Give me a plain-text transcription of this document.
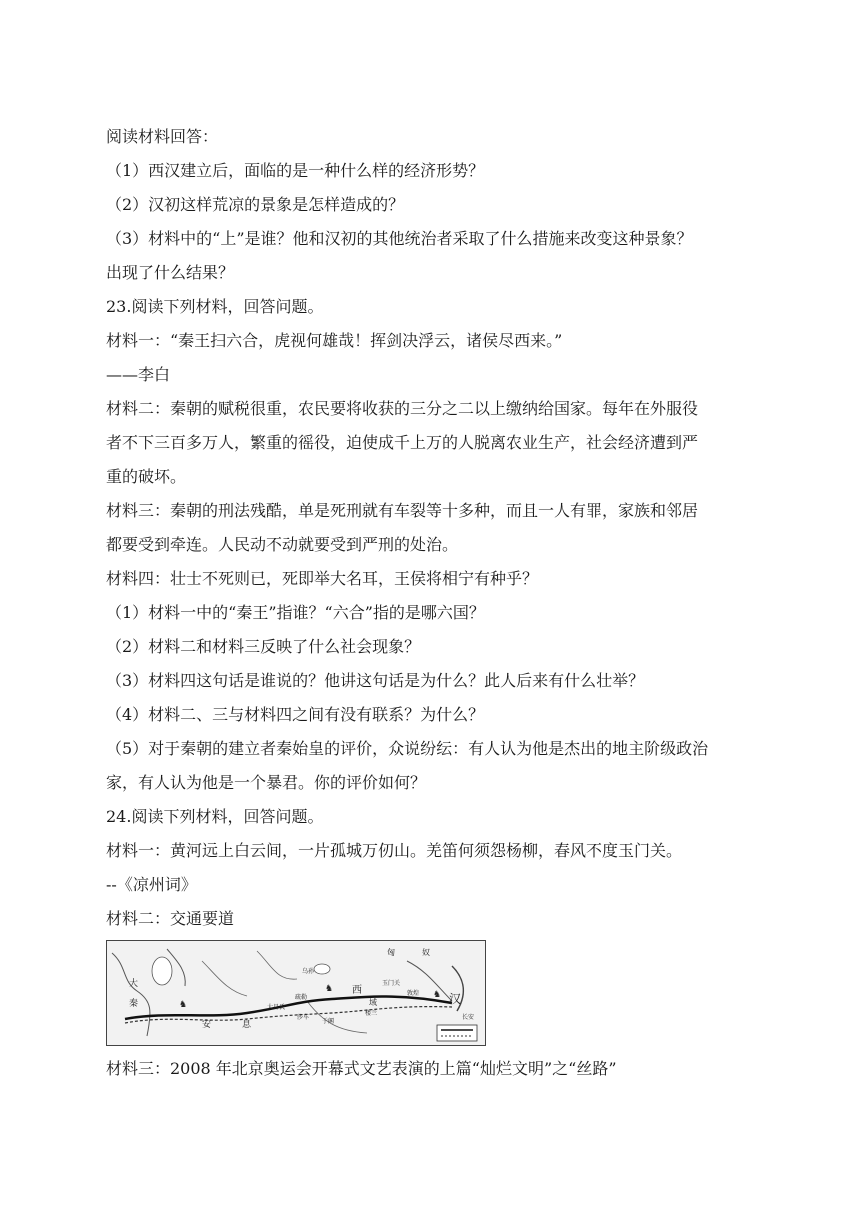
阅读材料回答：
（1）西汉建立后，面临的是一种什么样的经济形势？
（2）汉初这样荒凉的景象是怎样造成的？
（3）材料中的“上”是谁？他和汉初的其他统治者采取了什么措施来改变这种景象？
出现了什么结果？
23.阅读下列材料，回答问题。
材料一：“秦王扫六合，虎视何雄哉！挥剑决浮云，诸侯尽西来。”
——李白
材料二：秦朝的赋税很重，农民要将收获的三分之二以上缴纳给国家。每年在外服役
者不下三百多万人，繁重的徭役，迫使成千上万的人脱离农业生产，社会经济遭到严
重的破坏。
材料三：秦朝的刑法残酷，单是死刑就有车裂等十多种，而且一人有罪，家族和邻居
都要受到牵连。人民动不动就要受到严刑的处治。
材料四：壮士不死则已，死即举大名耳，王侯将相宁有种乎？
（1）材料一中的“秦王”指谁？“六合”指的是哪六国？
（2）材料二和材料三反映了什么社会现象？
（3）材料四这句话是谁说的？他讲这句话是为什么？此人后来有什么壮举？
（4）材料二、三与材料四之间有没有联系？为什么？
（5）对于秦朝的建立者秦始皇的评价，众说纷纭：有人认为他是杰出的地主阶级政治
家，有人认为他是一个暴君。你的评价如何？
24.阅读下列材料，回答问题。
材料一：黄河远上白云间，一片孤城万仞山。羌笛何须怨杨柳，春风不度玉门关。
--《凉州词》
材料二：交通要道
匈	奴
大
秦
安	息
大月氏
乌孙
西
域
玉门关
敦煌 汉
长安
于阗
楼兰
莎车
疏勒
♞
♞
♞
材料三：2008 年北京奥运会开幕式文艺表演的上篇“灿烂文明”之“丝路”
